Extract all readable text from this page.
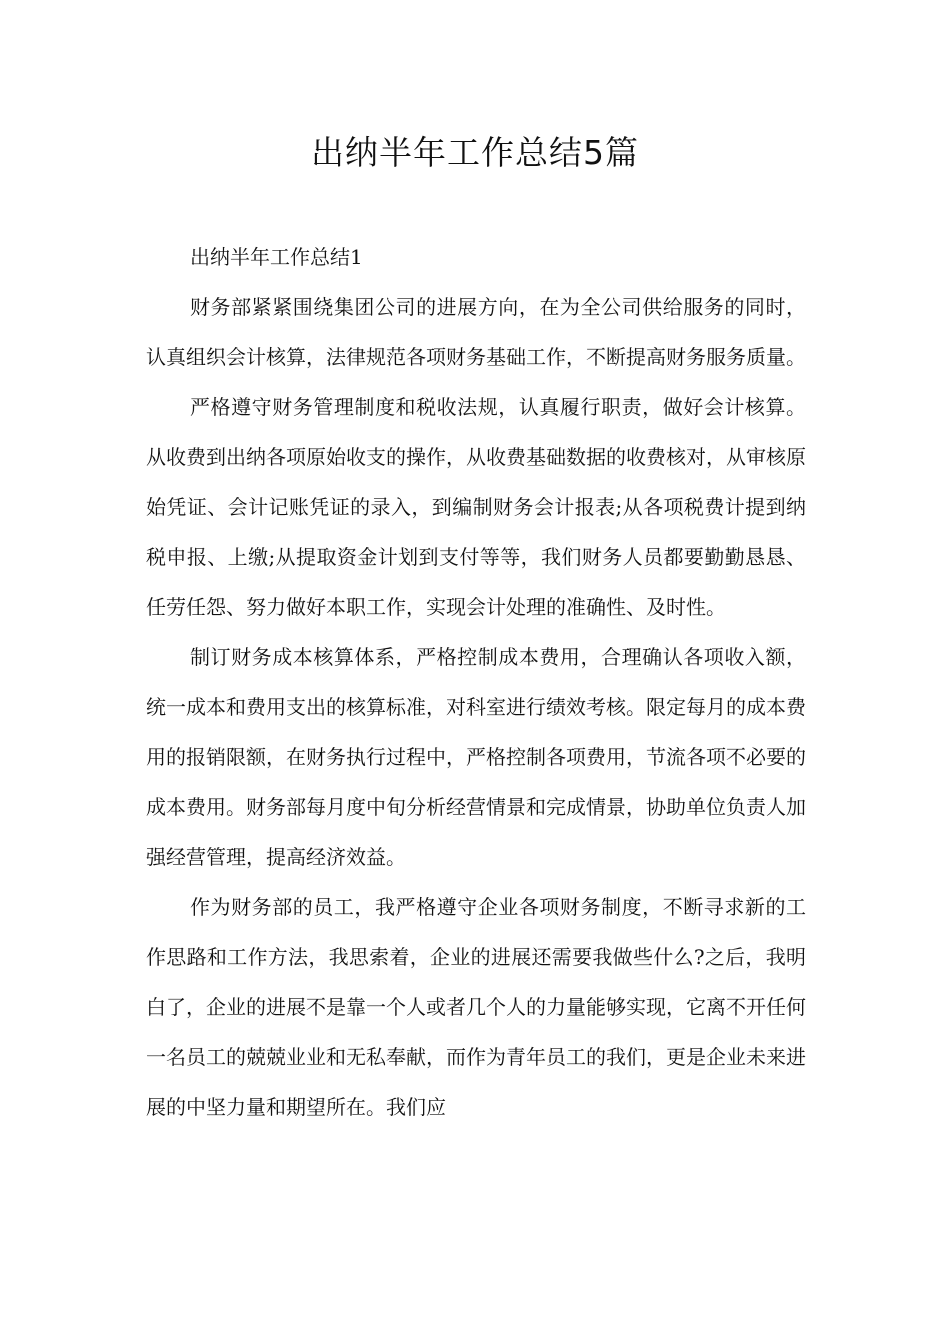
出纳半年工作总结5篇

出纳半年工作总结1

财务部紧紧围绕集团公司的进展方向，在为全公司供给服务的同时，认真组织会计核算，法律规范各项财务基础工作，不断提高财务服务质量。

严格遵守财务管理制度和税收法规，认真履行职责，做好会计核算。从收费到出纳各项原始收支的操作，从收费基础数据的收费核对，从审核原始凭证、会计记账凭证的录入，到编制财务会计报表;从各项税费计提到纳税申报、上缴;从提取资金计划到支付等等，我们财务人员都要勤勤恳恳、任劳任怨、努力做好本职工作，实现会计处理的准确性、及时性。

制订财务成本核算体系，严格控制成本费用，合理确认各项收入额，统一成本和费用支出的核算标准，对科室进行绩效考核。限定每月的成本费用的报销限额，在财务执行过程中，严格控制各项费用，节流各项不必要的成本费用。财务部每月度中旬分析经营情景和完成情景，协助单位负责人加强经营管理，提高经济效益。

作为财务部的员工，我严格遵守企业各项财务制度，不断寻求新的工作思路和工作方法，我思索着，企业的进展还需要我做些什么?之后，我明白了，企业的进展不是靠一个人或者几个人的力量能够实现，它离不开任何一名员工的兢兢业业和无私奉献，而作为青年员工的我们，更是企业未来进展的中坚力量和期望所在。我们应
